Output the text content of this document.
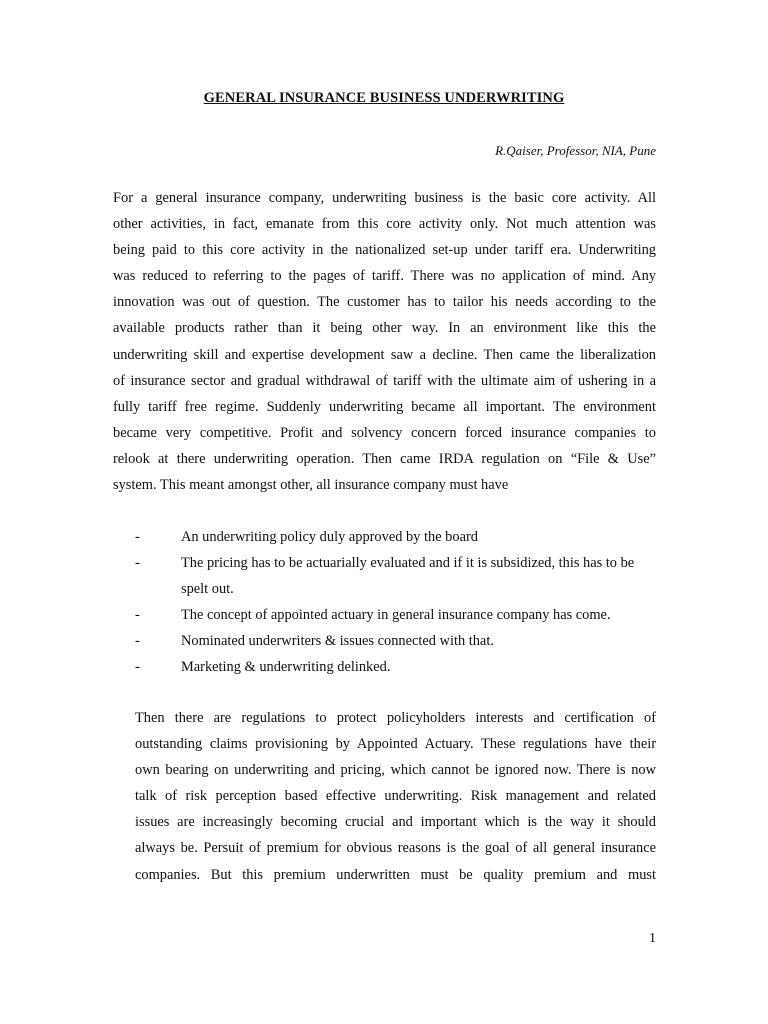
GENERAL INSURANCE BUSINESS UNDERWRITING
R.Qaiser, Professor, NIA, Pune
For a general insurance company, underwriting business is the basic core activity. All
other activities, in fact, emanate from this core activity only. Not much attention was
being paid to this core activity in the nationalized set-up under tariff era. Underwriting
was reduced to referring to the pages of tariff. There was no application of mind. Any
innovation was out of question. The customer has to tailor his needs according to the
available products rather than it being other way. In an environment like this the
underwriting skill and expertise development saw a decline. Then came the liberalization
of insurance sector and gradual withdrawal of tariff with the ultimate aim of ushering in a
fully tariff free regime. Suddenly underwriting became all important. The environment
became very competitive. Profit and solvency concern forced insurance companies to
relook at there underwriting operation. Then came IRDA regulation on “File & Use”
system. This meant amongst other, all insurance company must have
-	An underwriting policy duly approved by the board
-	The pricing has to be actuarially evaluated and if it is subsidized, this has to be spelt out.
-	The concept of appointed actuary in general insurance company has come.
-	Nominated underwriters & issues connected with that.
-	Marketing & underwriting delinked.
Then there are regulations to protect policyholders interests and certification of
outstanding claims provisioning by Appointed Actuary. These regulations have their
own bearing on underwriting and pricing, which cannot be ignored now. There is now
talk of risk perception based effective underwriting. Risk management and related
issues are increasingly becoming crucial and important which is the way it should
always be. Persuit of premium for obvious reasons is the goal of all general insurance
companies. But this premium underwritten must be quality premium and must
1
